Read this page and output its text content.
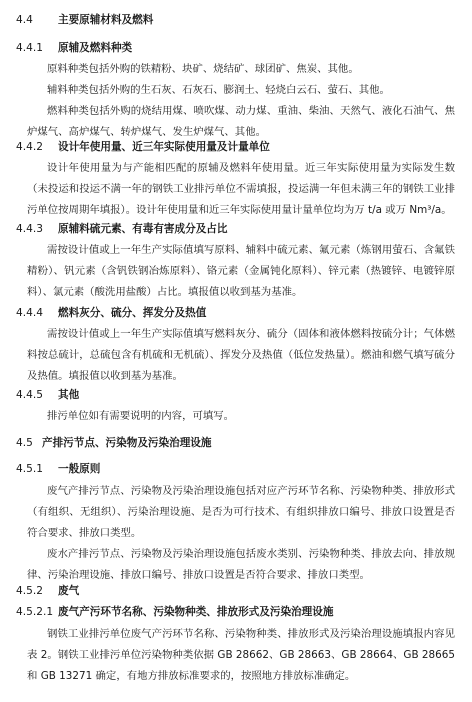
4.4 主要原辅材料及燃料
4.4.1 原辅及燃料种类

原料种类包括外购的铁精粉、块矿、烧结矿、球团矿、焦炭、其他。

辅料种类包括外购的生石灰、石灰石、膨润土、轻烧白云石、萤石、其他。

燃料种类包括外购的烧结用煤、喷吹煤、动力煤、重油、柴油、天然气、液化石油气、焦炉煤气、高炉煤气、转炉煤气、发生炉煤气、其他。

4.4.2 设计年使用量、近三年实际使用量及计量单位

设计年使用量为与产能相匹配的原辅及燃料年使用量。近三年实际使用量为实际发生数（未投运和投运不满一年的钢铁工业排污单位不需填报，投运满一年但未满三年的钢铁工业排污单位按周期年填报）。设计年使用量和近三年实际使用量计量单位均为万 t/a 或万 Nm³/a。

4.4.3 原辅料硫元素、有毒有害成分及占比

需按设计值或上一年生产实际值填写原料、辅料中硫元素、氟元素（炼钢用萤石、含氟铁精粉）、钒元素（含钒铁钢冶炼原料）、铬元素（金属钝化原料）、锌元素（热镀锌、电镀锌原料）、氯元素（酸洗用盐酸）占比。填报值以收到基为基准。

4.4.4 燃料灰分、硫分、挥发分及热值

需按设计值或上一年生产实际值填写燃料灰分、硫分（固体和液体燃料按硫分计；气体燃料按总硫计，总硫包含有机硫和无机硫）、挥发分及热值（低位发热量）。燃油和燃气填写硫分及热值。填报值以收到基为基准。

4.4.5 其他

排污单位如有需要说明的内容，可填写。

4.5 产排污节点、污染物及污染治理设施
4.5.1 一般原则

废气产排污节点、污染物及污染治理设施包括对应产污环节名称、污染物种类、排放形式（有组织、无组织）、污染治理设施、是否为可行技术、有组织排放口编号、排放口设置是否符合要求、排放口类型。

废水产排污节点、污染物及污染治理设施包括废水类别、污染物种类、排放去向、排放规律、污染治理设施、排放口编号、排放口设置是否符合要求、排放口类型。

4.5.2 废气
4.5.2.1 废气产污环节名称、污染物种类、排放形式及污染治理设施

钢铁工业排污单位废气产污环节名称、污染物种类、排放形式及污染治理设施填报内容见表 2。钢铁工业排污单位污染物种类依据 GB 28662、GB 28663、GB 28664、GB 28665 和 GB 13271 确定，有地方排放标准要求的，按照地方排放标准确定。
